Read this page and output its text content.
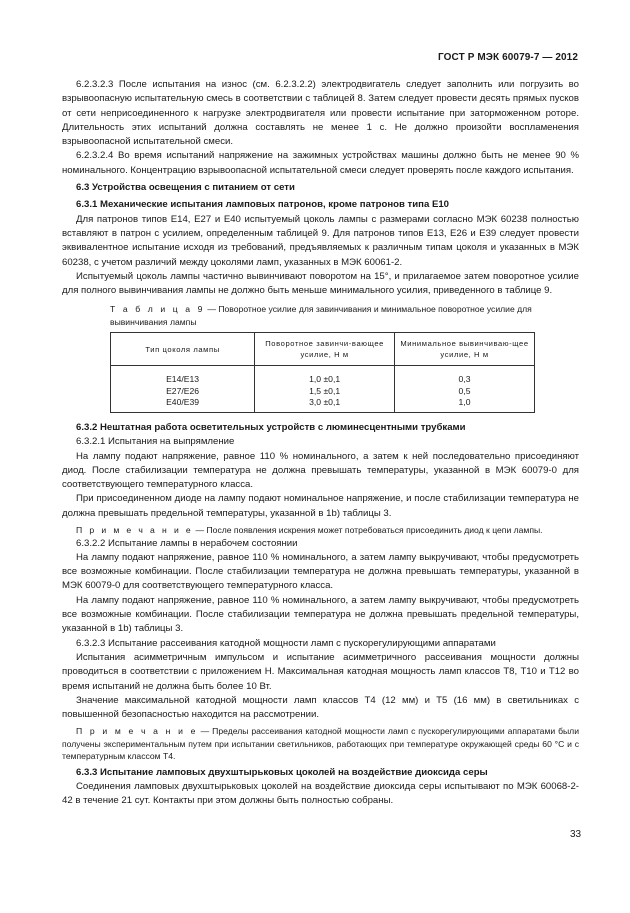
ГОСТ Р МЭК 60079-7 — 2012

6.2.3.2.3 После испытания на износ (см. 6.2.3.2.2) электродвигатель следует заполнить или погрузить во взрывоопасную испытательную смесь в соответствии с таблицей 8. Затем следует провести десять прямых пусков от сети неприсоединенного к нагрузке электродвигателя или провести испытание при заторможенном роторе. Длительность этих испытаний должна составлять не менее 1 с. Не должно произойти воспламенения взрывоопасной испытательной смеси.

6.2.3.2.4 Во время испытаний напряжение на зажимных устройствах машины должно быть не менее 90 % номинального. Концентрацию взрывоопасной испытательной смеси следует проверять после каждого испытания.

6.3 Устройства освещения с питанием от сети

6.3.1 Механические испытания ламповых патронов, кроме патронов типа E10

Для патронов типов E14, E27 и E40 испытуемый цоколь лампы с размерами согласно МЭК 60238 полностью вставляют в патрон с усилием, определенным таблицей 9. Для патронов типов E13, E26 и E39 следует провести эквивалентное испытание исходя из требований, предъявляемых к различным типам цоколя и указанных в МЭК 60238, с учетом различий между цоколями ламп, указанных в МЭК 60061-2.

Испытуемый цоколь лампы частично вывинчивают поворотом на 15°, и прилагаемое затем поворотное усилие для полного вывинчивания лампы не должно быть меньше минимального усилия, приведенного в таблице 9.

Т а б л и ц а 9 — Поворотное усилие для завинчивания и минимальное поворотное усилие для вывинчивания лампы

Тип цоколя лампы	Поворотное завинчи-вающее усилие, Н м	Минимальное вывинчиваю-щее усилие, Н м
E14/E13	1,0 ±0,1	0,3
E27/E26	1,5 ±0,1	0,5
E40/E39	3,0 ±0,1	1,0

6.3.2 Нештатная работа осветительных устройств с люминесцентными трубками

6.3.2.1 Испытания на выпрямление

На лампу подают напряжение, равное 110 % номинального, а затем к ней последовательно присоединяют диод. После стабилизации температура не должна превышать температуры, указанной в МЭК 60079-0 для соответствующего температурного класса.

При присоединенном диоде на лампу подают номинальное напряжение, и после стабилизации температура не должна превышать предельной температуры, указанной в 1b) таблицы 3.

П р и м е ч а н и е — После появления искрения может потребоваться присоединить диод к цепи лампы.

6.3.2.2 Испытание лампы в нерабочем состоянии

На лампу подают напряжение, равное 110 % номинального, а затем лампу выкручивают, чтобы предусмотреть все возможные комбинации. После стабилизации температура не должна превышать температуры, указанной в МЭК 60079-0 для соответствующего температурного класса.

На лампу подают напряжение, равное 110 % номинального, а затем лампу выкручивают, чтобы предусмотреть все возможные комбинации. После стабилизации температура не должна превышать предельной температуры, указанной в 1b) таблицы 3.

6.3.2.3 Испытание рассеивания катодной мощности ламп с пускорегулирующими аппаратами

Испытания асимметричным импульсом и испытание асимметричного рассеивания мощности должны проводиться в соответствии с приложением Н. Максимальная катодная мощность ламп классов Т8, Т10 и Т12 во время испытаний не должна быть более 10 Вт.

Значение максимальной катодной мощности ламп классов Т4 (12 мм) и Т5 (16 мм) в светильниках с повышенной безопасностью находится на рассмотрении.

П р и м е ч а н и е — Пределы рассеивания катодной мощности ламп с пускорегулирующими аппаратами были получены экспериментальным путем при испытании светильников, работающих при температуре окружающей среды 60 °С и с температурным классом Т4.

6.3.3 Испытание ламповых двухштырьковых цоколей на воздействие диоксида серы

Соединения ламповых двухштырьковых цоколей на воздействие диоксида серы испытывают по МЭК 60068-2-42 в течение 21 сут. Контакты при этом должны быть полностью собраны.

33
